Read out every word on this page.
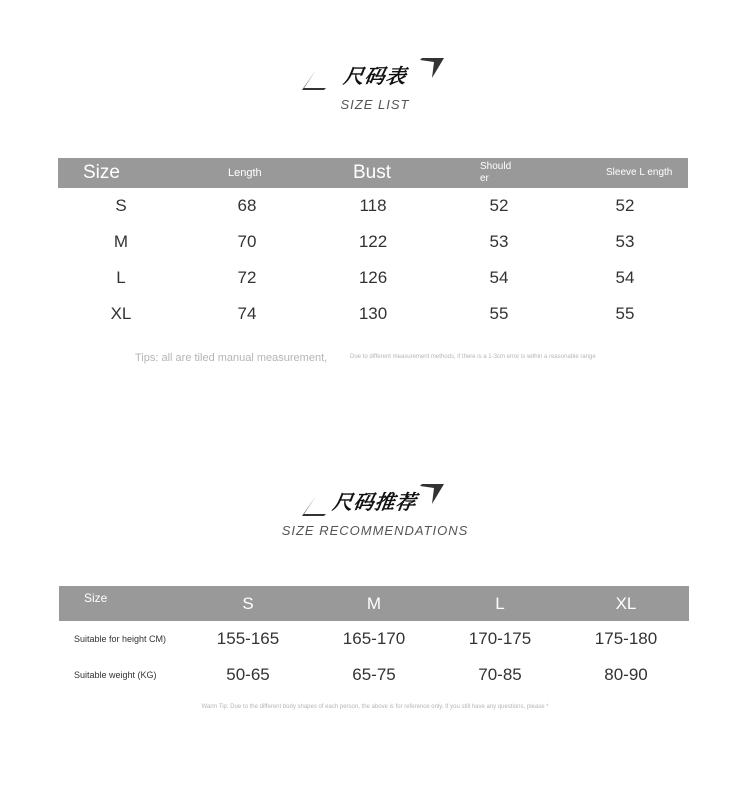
尺码表
SIZE LIST
Size	Length	Bust	Should er	Sleeve L ength
S	68	118	52	52
M	70	122	53	53
L	72	126	54	54
XL	74	130	55	55
Tips: all are tiled manual measurement,	Due to different measurement methods, if there is a 1-3cm error is within a reasonable range
尺码推荐
SIZE RECOMMENDATIONS
Size	S	M	L	XL
Suitable for height CM)	155-165	165-170	170-175	175-180
Suitable weight (KG)	50-65	65-75	70-85	80-90
Warm Tip: Due to the different body shapes of each person, the above is for reference only. If you still have any questions, please *
